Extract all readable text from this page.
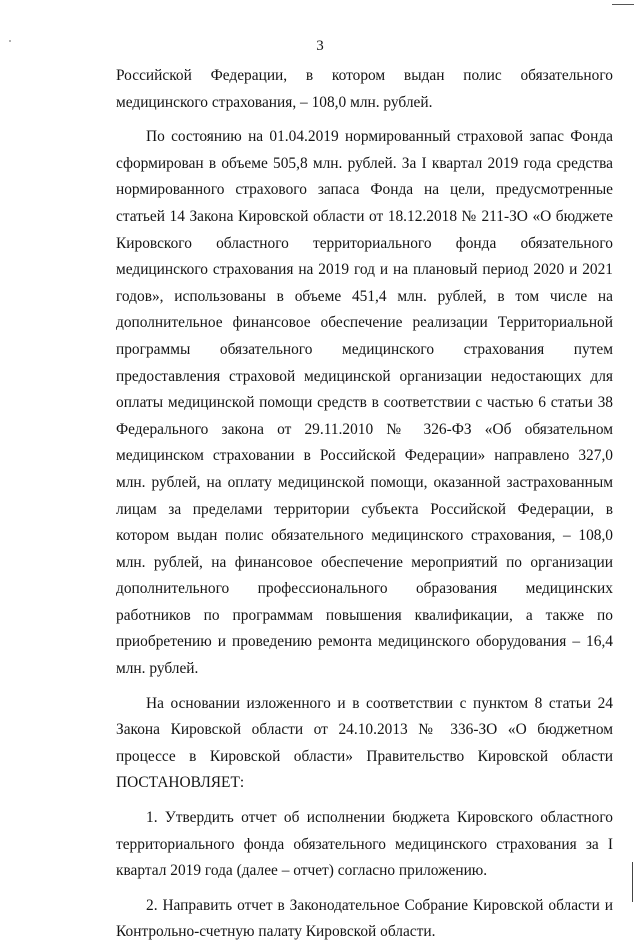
3

Российской Федерации, в котором выдан полис обязательного медицинского страхования, – 108,0 млн. рублей.

По состоянию на 01.04.2019 нормированный страховой запас Фонда сформирован в объеме 505,8 млн. рублей. За I квартал 2019 года средства нормированного страхового запаса Фонда на цели, предусмотренные статьей 14 Закона Кировской области от 18.12.2018 № 211-ЗО «О бюджете Кировского областного территориального фонда обязательного медицинского страхования на 2019 год и на плановый период 2020 и 2021 годов», использованы в объеме 451,4 млн. рублей, в том числе на дополнительное финансовое обеспечение реализации Территориальной программы обязательного медицинского страхования путем предоставления страховой медицинской организации недостающих для оплаты медицинской помощи средств в соответствии с частью 6 статьи 38 Федерального закона от 29.11.2010 № 326-ФЗ «Об обязательном медицинском страховании в Российской Федерации» направлено 327,0 млн. рублей, на оплату медицинской помощи, оказанной застрахованным лицам за пределами территории субъекта Российской Федерации, в котором выдан полис обязательного медицинского страхования, – 108,0 млн. рублей, на финансовое обеспечение мероприятий по организации дополнительного профессионального образования медицинских работников по программам повышения квалификации, а также по приобретению и проведению ремонта медицинского оборудования – 16,4 млн. рублей.

На основании изложенного и в соответствии с пунктом 8 статьи 24 Закона Кировской области от 24.10.2013 № 336-ЗО «О бюджетном процессе в Кировской области» Правительство Кировской области ПОСТАНОВЛЯЕТ:

1. Утвердить отчет об исполнении бюджета Кировского областного территориального фонда обязательного медицинского страхования за I квартал 2019 года (далее – отчет) согласно приложению.

2. Направить отчет в Законодательное Собрание Кировской области и Контрольно-счетную палату Кировской области.
